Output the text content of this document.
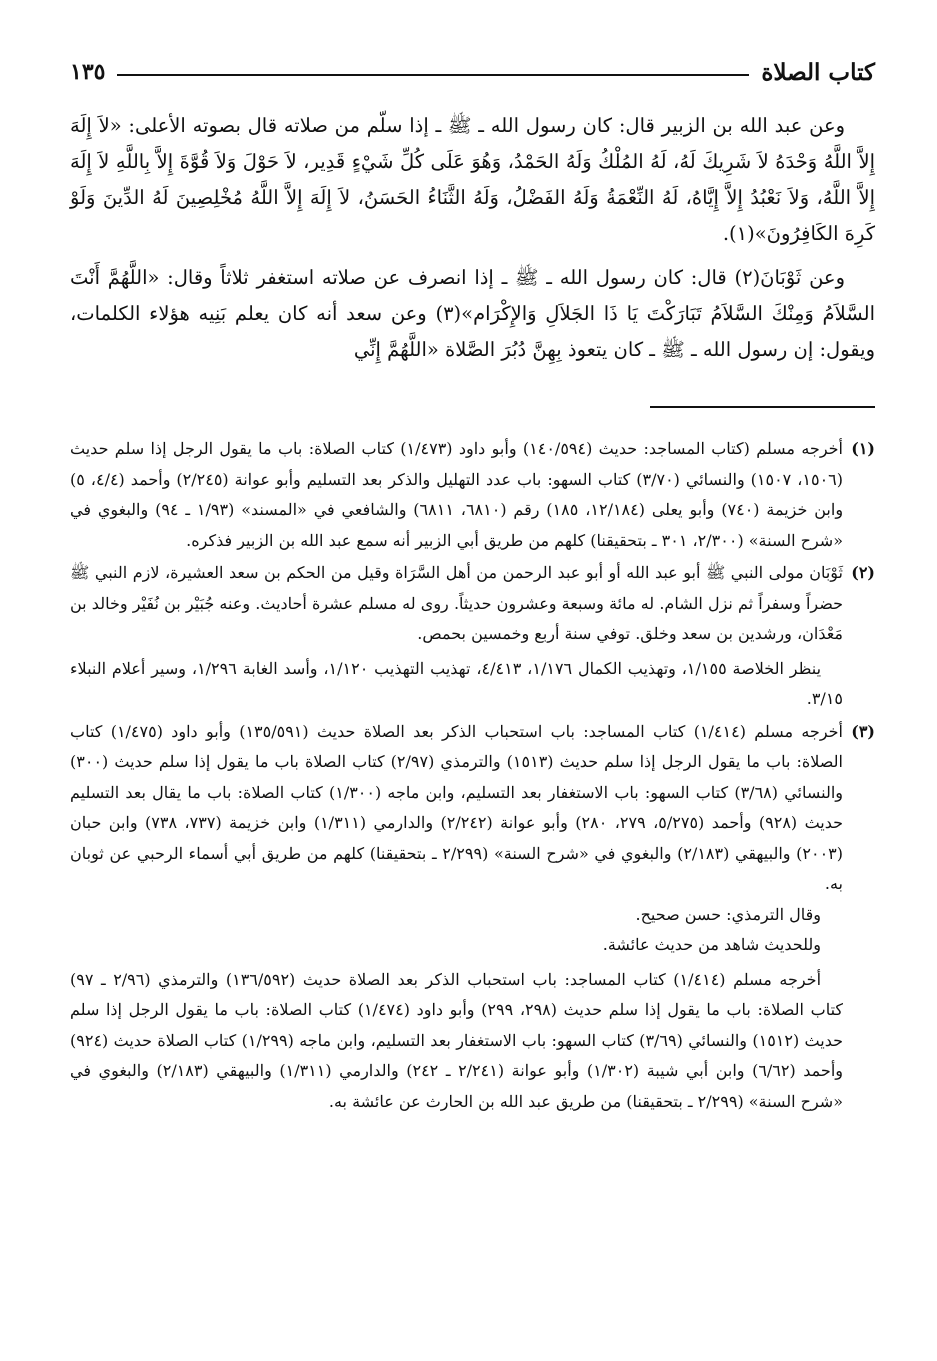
كتاب الصلاة
١٣٥

وعن عبد الله بن الزبير قال: كان رسول الله ـ ﷺ ـ إذا سلّم من صلاته قال بصوته الأعلى: «لاَ إِلَهَ إِلاَّ اللَّهُ وَحْدَهُ لاَ شَرِيكَ لَهُ، لَهُ المُلْكُ وَلَهُ الحَمْدُ، وَهُوَ عَلَى كُلِّ شَيْءٍ قَدِير، لاَ حَوْلَ وَلاَ قُوَّةَ إِلاَّ بِاللَّهِ لاَ إِلَهَ إِلاَّ اللَّهُ، وَلاَ نَعْبُدُ إِلاَّ إِيَّاهُ، لَهُ النِّعْمَةُ وَلَهُ الفَضْلُ، وَلَهُ الثَّنَاءُ الحَسَنُ، لاَ إِلَهَ إِلاَّ اللَّهُ مُخْلِصِينَ لَهُ الدِّينَ وَلَوْ كَرِهَ الكَافِرُونَ»(١).

وعن ثَوْبَانَ(٢) قال: كان رسول الله ـ ﷺ ـ إذا انصرف عن صلاته استغفر ثلاثاً وقال: «اللَّهُمَّ أَنْتَ السَّلاَمُ وَمِنْكَ السَّلاَمُ تَبَارَكْتَ يَا ذَا الجَلاَلِ وَالإِكْرَام»(٣) وعن سعد أنه كان يعلم بَنِيه هؤلاء الكلمات، ويقول: إن رسول الله ـ ﷺ ـ كان يتعوذ بِهِنَّ دُبُرَ الصَّلاة «اللَّهُمَّ إِنِّي

(١)

أخرجه مسلم (كتاب المساجد: حديث (١٤٠/٥٩٤) وأبو داود (١/٤٧٣) كتاب الصلاة: باب ما يقول الرجل إذا سلم حديث (١٥٠٦، ١٥٠٧) والنسائي (٣/٧٠) كتاب السهو: باب عدد التهليل والذكر بعد التسليم وأبو عوانة (٢/٢٤٥) وأحمد (٤/٤، ٥) وابن خزيمة (٧٤٠) وأبو يعلى (١٢/١٨٤، ١٨٥) رقم (٦٨١٠، ٦٨١١) والشافعي في «المسند» (١/٩٣ ـ ٩٤) والبغوي في «شرح السنة» (٢/٣٠٠، ٣٠١ ـ بتحقيقنا) كلهم من طريق أبي الزبير أنه سمع عبد الله بن الزبير فذكره.

(٢)

ثَوْبَان مولى النبي ﷺ أبو عبد الله أو أبو عبد الرحمن من أهل السَّرَاة وقيل من الحكم بن سعد العشيرة، لازم النبي ﷺ حضراً وسفراً ثم نزل الشام. له مائة وسبعة وعشرون حديثاً. روى له مسلم عشرة أحاديث. وعنه جُبَيْر بن نُفَيْر وخالد بن مَعْدَان، ورشدين بن سعد وخلق. توفي سنة أربع وخمسين بحمص.

ينظر الخلاصة ١/١٥٥، وتهذيب الكمال ١/١٧٦، ٤/٤١٣، تهذيب التهذيب ١/١٢٠، وأسد الغابة ١/٢٩٦، وسير أعلام النبلاء ٣/١٥.

(٣)

أخرجه مسلم (١/٤١٤) كتاب المساجد: باب استحباب الذكر بعد الصلاة حديث (١٣٥/٥٩١) وأبو داود (١/٤٧٥) كتاب الصلاة: باب ما يقول الرجل إذا سلم حديث (١٥١٣) والترمذي (٢/٩٧) كتاب الصلاة باب ما يقول إذا سلم حديث (٣٠٠) والنسائي (٣/٦٨) كتاب السهو: باب الاستغفار بعد التسليم، وابن ماجه (١/٣٠٠) كتاب الصلاة: باب ما يقال بعد التسليم حديث (٩٢٨) وأحمد (٥/٢٧٥، ٢٧٩، ٢٨٠) وأبو عوانة (٢/٢٤٢) والدارمي (١/٣١١) وابن خزيمة (٧٣٧، ٧٣٨) وابن حبان (٢٠٠٣) والبيهقي (٢/١٨٣) والبغوي في «شرح السنة» (٢/٢٩٩ ـ بتحقيقنا) كلهم من طريق أبي أسماء الرحبي عن ثوبان به.

وقال الترمذي: حسن صحيح.

وللحديث شاهد من حديث عائشة.

أخرجه مسلم (١/٤١٤) كتاب المساجد: باب استحباب الذكر بعد الصلاة حديث (١٣٦/٥٩٢) والترمذي (٢/٩٦ ـ ٩٧) كتاب الصلاة: باب ما يقول إذا سلم حديث (٢٩٨، ٢٩٩) وأبو داود (١/٤٧٤) كتاب الصلاة: باب ما يقول الرجل إذا سلم حديث (١٥١٢) والنسائي (٣/٦٩) كتاب السهو: باب الاستغفار بعد التسليم، وابن ماجه (١/٢٩٩) كتاب الصلاة حديث (٩٢٤) وأحمد (٦/٦٢) وابن أبي شيبة (١/٣٠٢) وأبو عوانة (٢/٢٤١ ـ ٢٤٢) والدارمي (١/٣١١) والبيهقي (٢/١٨٣) والبغوي في «شرح السنة» (٢/٢٩٩ ـ بتحقيقنا) من طريق عبد الله بن الحارث عن عائشة به.
